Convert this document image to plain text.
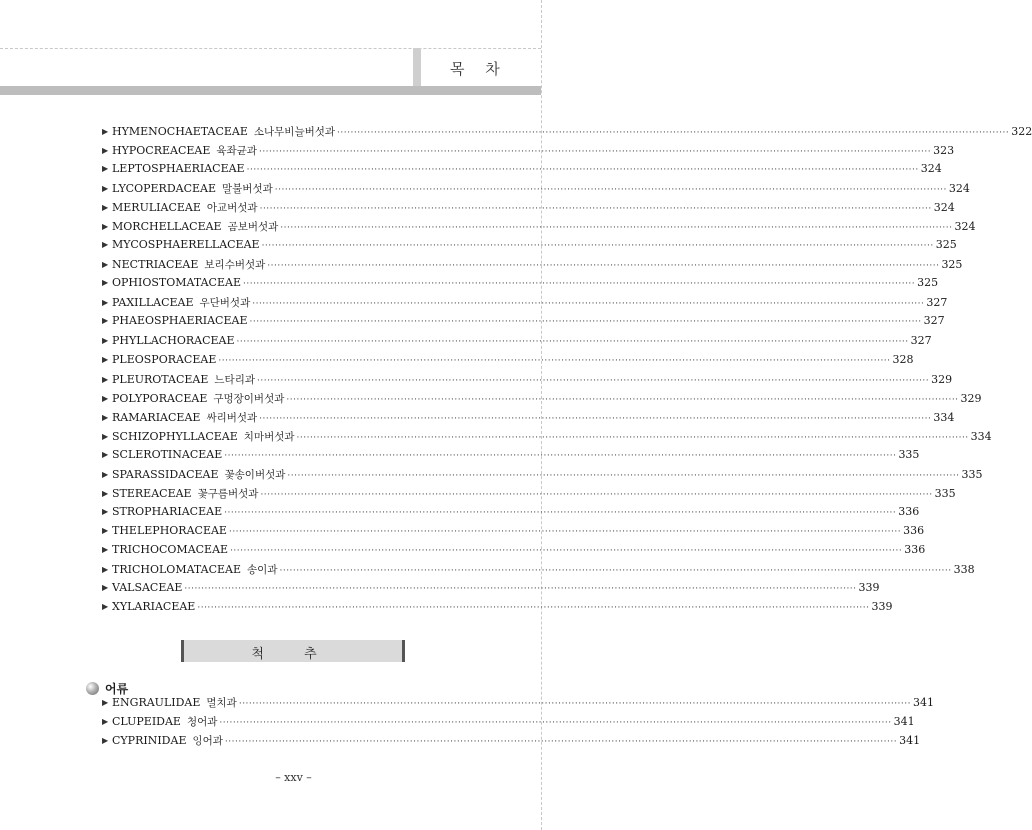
목 차
▶ HYMENOCHAETACEAE 소나무비늘버섯과 ········································································································································································································ 322
▶ HYPOCREACEAE 육좌균과 ········································································································································································································ 323
▶ LEPTOSPHAERIACEAE ········································································································································································································ 324
▶ LYCOPERDACEAE 말불버섯과 ········································································································································································································ 324
▶ MERULIACEAE 아교버섯과 ········································································································································································································ 324
▶ MORCHELLACEAE 곰보버섯과 ········································································································································································································ 324
▶ MYCOSPHAERELLACEAE ········································································································································································································ 325
▶ NECTRIACEAE 보리수버섯과 ········································································································································································································ 325
▶ OPHIOSTOMATACEAE ········································································································································································································ 325
▶ PAXILLACEAE 우단버섯과 ········································································································································································································ 327
▶ PHAEOSPHAERIACEAE ········································································································································································································ 327
▶ PHYLLACHORACEAE ········································································································································································································ 327
▶ PLEOSPORACEAE ········································································································································································································ 328
▶ PLEUROTACEAE 느타리과 ········································································································································································································ 329
▶ POLYPORACEAE 구멍장이버섯과 ········································································································································································································ 329
▶ RAMARIACEAE 싸리버섯과 ········································································································································································································ 334
▶ SCHIZOPHYLLACEAE 치마버섯과 ········································································································································································································ 334
▶ SCLEROTINACEAE ········································································································································································································ 335
▶ SPARASSIDACEAE 꽃송이버섯과 ········································································································································································································ 335
▶ STEREACEAE 꽃구름버섯과 ········································································································································································································ 335
▶ STROPHARIACEAE ········································································································································································································ 336
▶ THELEPHORACEAE ········································································································································································································ 336
▶ TRICHOCOMACEAE ········································································································································································································ 336
▶ TRICHOLOMATACEAE 송이과 ········································································································································································································ 338
▶ VALSACEAE ········································································································································································································ 339
▶ XYLARIACEAE ········································································································································································································ 339
척 추
어류
▶ ENGRAULIDAE 멸치과 ········································································································································································································ 341
▶ CLUPEIDAE 청어과 ········································································································································································································ 341
▶ CYPRINIDAE 잉어과 ········································································································································································································ 341
– xxv –
